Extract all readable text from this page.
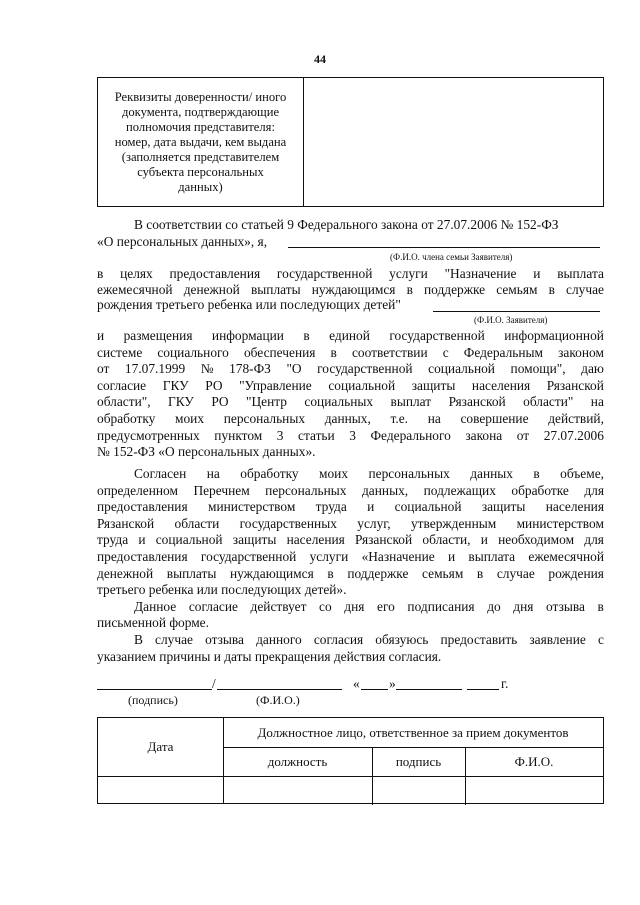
44
Реквизиты доверенности/ иного
документа, подтверждающие
полномочия представителя:
номер, дата выдачи, кем выдана
(заполняется представителем
субъекта персональных
данных)
В соответствии со статьей 9 Федерального закона от 27.07.2006 № 152-ФЗ
«О персональных данных», я,
(Ф.И.О. члена семьи Заявителя)
в целях предоставления государственной услуги "Назначение и выплата
ежемесячной денежной выплаты нуждающимся в поддержке семьям в случае
рождения третьего ребенка или последующих детей"
(Ф.И.О. Заявителя)
и размещения информации в единой государственной информационной
системе социального обеспечения в соответствии с Федеральным законом
от 17.07.1999 № 178-ФЗ "О государственной социальной помощи", даю
согласие ГКУ РО "Управление социальной защиты населения Рязанской
области", ГКУ РО "Центр социальных выплат Рязанской области" на
обработку моих персональных данных, т.е. на совершение действий,
предусмотренных пунктом 3 статьи 3 Федерального закона от 27.07.2006
№ 152-ФЗ «О персональных данных».
Согласен на обработку моих персональных данных в объеме,
определенном Перечнем персональных данных, подлежащих обработке для
предоставления министерством труда и социальной защиты населения
Рязанской области государственных услуг, утвержденным министерством
труда и социальной защиты населения Рязанской области, и необходимом для
предоставления государственной услуги «Назначение и выплата ежемесячной
денежной выплаты нуждающимся в поддержке семьям в случае рождения
третьего ребенка или последующих детей».
Данное согласие действует со дня его подписания до дня отзыва в
письменной форме.
В случае отзыва данного согласия обязуюсь предоставить заявление с
указанием причины и даты прекращения действия согласия.
/	« »	г.
(подпись)	(Ф.И.О.)
Дата
Должностное лицо, ответственное за прием документов
должность	подпись	Ф.И.О.
